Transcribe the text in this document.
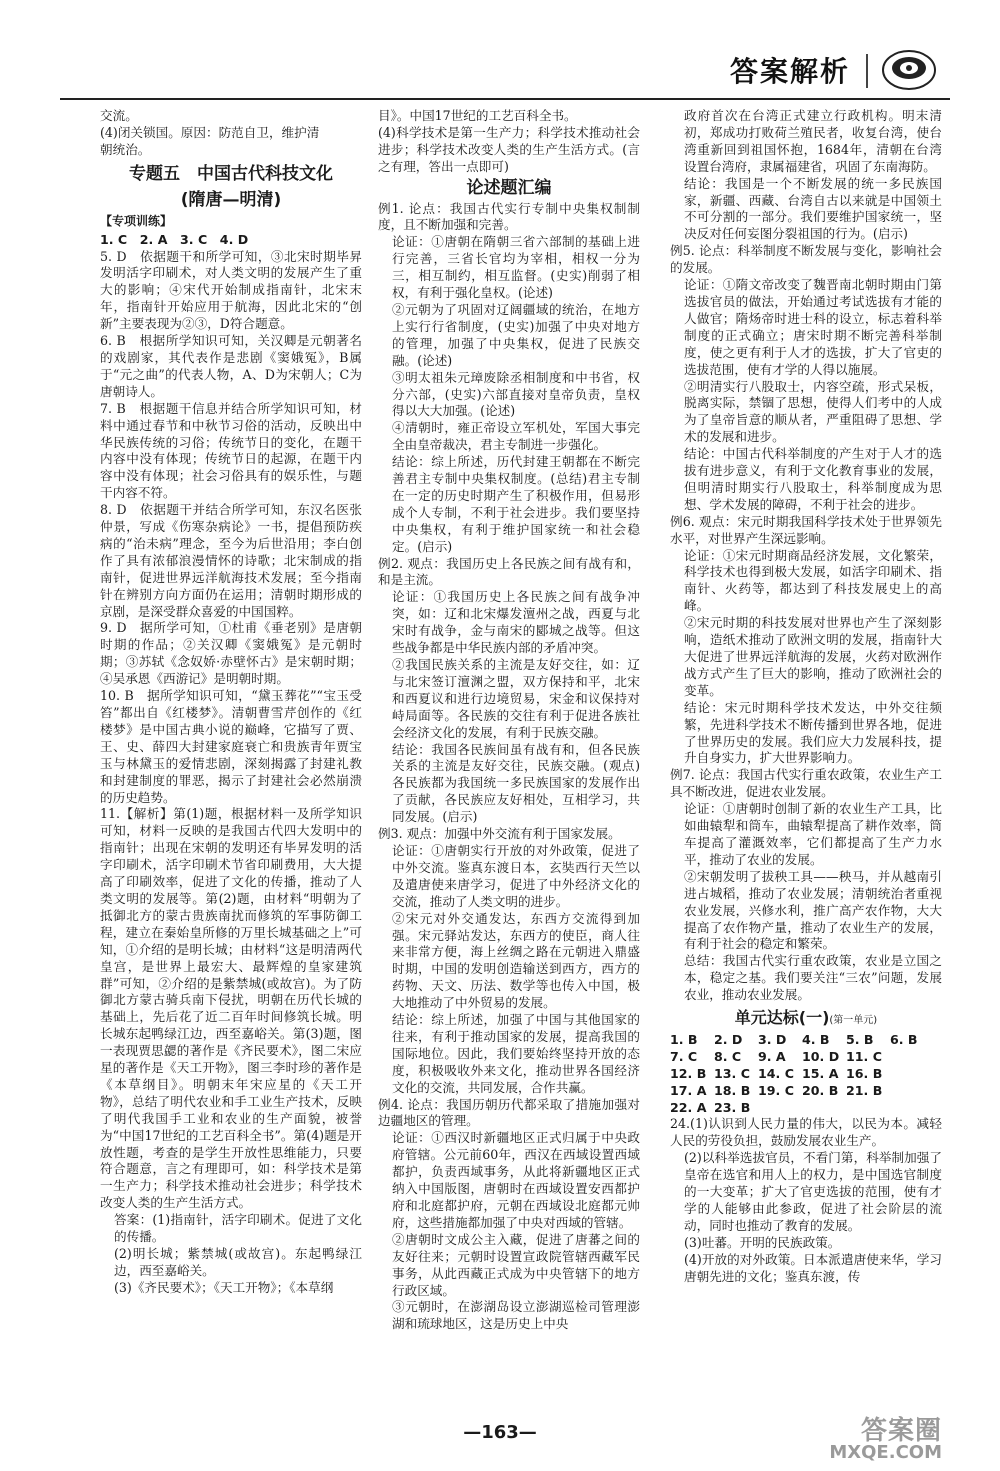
答案解析

交流。

(4)闭关锁国。原因：防范自卫，维护清

朝统治。

专题五　中国古代科技文化
(隋唐—明清)
【专项训练】
1. C　2. A　3. C　4. D

5. D　依据题干和所学可知，③北宋时期毕昇发明活字印刷术，对人类文明的发展产生了重大的影响；④宋代开始制成指南针，北宋末年，指南针开始应用于航海，因此北宋的“创新”主要表现为②③，D符合题意。

6. B　根据所学知识可知，关汉卿是元朝著名的戏剧家，其代表作是悲剧《窦娥冤》，B属于“元之曲”的代表人物，A、D为宋朝人；C为唐朝诗人。

7. B　根据题干信息并结合所学知识可知，材料中通过春节和中秋节习俗的活动，反映出中华民族传统的习俗；传统节日的变化，在题干内容中没有体现；传统节日的起源，在题干内容中没有体现；社会习俗具有的娱乐性，与题干内容不符。

8. D　依据题干并结合所学可知，东汉名医张仲景，写成《伤寒杂病论》一书，提倡预防疾病的“治未病”理念，至今为后世沿用；李白创作了具有浓郁浪漫情怀的诗歌；北宋制成的指南针，促进世界远洋航海技术发展；至今指南针在辨别方向方面仍在运用；清朝时期形成的京剧，是深受群众喜爱的中国国粹。

9. D　据所学可知，①杜甫《垂老别》是唐朝时期的作品；②关汉卿《窦娥冤》是元朝时期；③苏轼《念奴娇·赤壁怀古》是宋朝时期；④吴承恩《西游记》是明朝时期。

10. B　据所学知识可知，“黛玉葬花”“宝玉受笞”都出自《红楼梦》。清朝曹雪芹创作的《红楼梦》是中国古典小说的巅峰，它描写了贾、王、史、薛四大封建家庭衰亡和贵族青年贾宝玉与林黛玉的爱情悲剧，深刻揭露了封建礼教和封建制度的罪恶，揭示了封建社会必然崩溃的历史趋势。

11.【解析】第(1)题，根据材料一及所学知识可知，材料一反映的是我国古代四大发明中的指南针；出现在宋朝的发明还有毕昇发明的活字印刷术，活字印刷术节省印刷费用，大大提高了印刷效率，促进了文化的传播，推动了人类文明的发展等。第(2)题，由材料“明朝为了抵御北方的蒙古贵族南扰而修筑的军事防御工程，建立在秦始皇所修的万里长城基础之上”可知，①介绍的是明长城；由材料“这是明清两代皇宫，是世界上最宏大、最辉煌的皇家建筑群”可知，②介绍的是紫禁城(或故宫)。为了防御北方蒙古骑兵南下侵扰，明朝在历代长城的基础上，先后花了近二百年时间修筑长城。明长城东起鸭绿江边，西至嘉峪关。第(3)题，图一表现贾思勰的著作是《齐民要术》，图二宋应星的著作是《天工开物》，图三李时珍的著作是《本草纲目》。明朝末年宋应星的《天工开物》，总结了明代农业和手工业生产技术，反映了明代我国手工业和农业的生产面貌，被誉为“中国17世纪的工艺百科全书”。第(4)题是开放性题，考查的是学生开放性思维能力，只要符合题意，言之有理即可，如：科学技术是第一生产力；科学技术推动社会进步；科学技术改变人类的生产生活方式。

答案：(1)指南针，活字印刷术。促进了文化的传播。

(2)明长城；紫禁城(或故宫)。东起鸭绿江边，西至嘉峪关。

(3)《齐民要术》；《天工开物》；《本草纲

目》。中国17世纪的工艺百科全书。

(4)科学技术是第一生产力；科学技术推动社会进步；科学技术改变人类的生产生活方式。(言之有理，答出一点即可)

论述题汇编

例1. 论点：我国古代实行专制中央集权制制度，且不断加强和完善。

论证：①唐朝在隋朝三省六部制的基础上进行完善，三省长官均为宰相，相权一分为三，相互制约，相互监督。(史实)削弱了相权，有利于强化皇权。(论述)

②元朝为了巩固对辽阔疆域的统治，在地方上实行行省制度，(史实)加强了中央对地方的管理，加强了中央集权，促进了民族交融。(论述)

③明太祖朱元璋废除丞相制度和中书省，权分六部，(史实)六部直接对皇帝负责，皇权得以大大加强。(论述)

④清朝时，雍正帝设立军机处，军国大事完全由皇帝裁决，君主专制进一步强化。

结论：综上所述，历代封建王朝都在不断完善君主专制中央集权制度。(总结)君主专制在一定的历史时期产生了积极作用，但易形成个人专制，不利于社会进步。我们要坚持中央集权，有利于维护国家统一和社会稳定。(启示)

例2. 观点：我国历史上各民族之间有战有和，和是主流。

论证：①我国历史上各民族之间有战争冲突，如：辽和北宋爆发澶州之战，西夏与北宋时有战争，金与南宋的郾城之战等。但这些战争都是中华民族内部的矛盾冲突。

②我国民族关系的主流是友好交往，如：辽与北宋签订澶渊之盟，双方保持和平，北宋和西夏议和进行边境贸易，宋金和议保持对峙局面等。各民族的交往有利于促进各族社会经济文化的发展，有利于民族交融。

结论：我国各民族间虽有战有和，但各民族关系的主流是友好交往，民族交融。(观点)各民族都为我国统一多民族国家的发展作出了贡献，各民族应友好相处，互相学习，共同发展。(启示)

例3. 观点：加强中外交流有利于国家发展。

论证：①唐朝实行开放的对外政策，促进了中外交流。鉴真东渡日本，玄奘西行天竺以及遣唐使来唐学习，促进了中外经济文化的交流，推动了人类文明的进步。

②宋元对外交通发达，东西方交流得到加强。宋元驿站发达，东西方的使臣，商人往来非常方便，海上丝绸之路在元朝进入鼎盛时期，中国的发明创造输送到西方，西方的药物、天文、历法、数学等也传入中国，极大地推动了中外贸易的发展。

结论：综上所述，加强了中国与其他国家的往来，有利于推动国家的发展，提高我国的国际地位。因此，我们要始终坚持开放的态度，积极吸收外来文化，推动世界各国经济文化的交流，共同发展，合作共赢。

例4. 论点：我国历朝历代都采取了措施加强对边疆地区的管理。

论证：①西汉时新疆地区正式归属于中央政府管辖。公元前60年，西汉在西域设置西域都护，负责西域事务，从此将新疆地区正式纳入中国版图，唐朝时在西域设置安西都护府和北庭都护府，元朝在西域设北庭都元帅府，这些措施都加强了中央对西域的管辖。

②唐朝时文成公主入藏，促进了唐蕃之间的友好往来；元朝时设置宣政院管辖西藏军民事务，从此西藏正式成为中央管辖下的地方行政区域。

③元朝时，在澎湖岛设立澎湖巡检司管理澎湖和琉球地区，这是历史上中央

政府首次在台湾正式建立行政机构。明末清初，郑成功打败荷兰殖民者，收复台湾，使台湾重新回到祖国怀抱，1684年，清朝在台湾设置台湾府，隶属福建省，巩固了东南海防。

结论：我国是一个不断发展的统一多民族国家，新疆、西藏、台湾自古以来就是中国领土不可分割的一部分。我们要维护国家统一，坚决反对任何妄图分裂祖国的行为。(启示)

例5. 论点：科举制度不断发展与变化，影响社会的发展。

论证：①隋文帝改变了魏晋南北朝时期由门第选拔官员的做法，开始通过考试选拔有才能的人做官；隋炀帝时进士科的设立，标志着科举制度的正式确立；唐宋时期不断完善科举制度，使之更有利于人才的选拔，扩大了官吏的选拔范围，使有才学的人得以施展。

②明清实行八股取士，内容空疏，形式呆板，脱离实际，禁锢了思想，使得人们考中的人成为了皇帝旨意的顺从者，严重阻碍了思想、学术的发展和进步。

结论：中国古代科举制度的产生对于人才的选拔有进步意义，有利于文化教育事业的发展，但明清时期实行八股取士，科举制度成为思想、学术发展的障碍，不利于社会的进步。

例6. 观点：宋元时期我国科学技术处于世界领先水平，对世界产生深远影响。

论证：①宋元时期商品经济发展，文化繁荣，科学技术也得到极大发展，如活字印刷术、指南针、火药等，都达到了科技发展史上的高峰。

②宋元时期的科技发展对世界也产生了深刻影响，造纸术推动了欧洲文明的发展，指南针大大促进了世界远洋航海的发展，火药对欧洲作战方式产生了巨大的影响，推动了欧洲社会的变革。

结论：宋元时期科学技术发达，中外交往频繁，先进科学技术不断传播到世界各地，促进了世界历史的发展。我们应大力发展科技，提升自身实力，扩大世界影响力。

例7. 论点：我国古代实行重农政策，农业生产工具不断改进，促进农业发展。

论证：①唐朝时创制了新的农业生产工具，比如曲辕犁和筒车，曲辕犁提高了耕作效率，筒车提高了灌溉效率，它们都提高了生产力水平，推动了农业的发展。

②宋朝发明了拔秧工具——秧马，并从越南引进占城稻，推动了农业发展；清朝统治者重视农业发展，兴修水利，推广高产农作物，大大提高了农作物产量，推动了农业生产的发展，有利于社会的稳定和繁荣。

总结：我国古代实行重农政策，农业是立国之本，稳定之基。我们要关注“三农”问题，发展农业，推动农业发展。

单元达标(一)(第一单元)
1. B 2. D 3. D 4. B 5. B 6. B
7. C 8. C 9. A 10. D 11. C
12. B 13. C 14. C 15. A 16. B
17. A 18. B 19. C 20. B 21. B
22. A 23. B

24.(1)认识到人民力量的伟大，以民为本。减轻人民的劳役负担，鼓励发展农业生产。

(2)以科举选拔官员，不看门第，科举制加强了皇帝在选官和用人上的权力，是中国选官制度的一大变革；扩大了官吏选拔的范围，使有才学的人能够由此参政，促进了社会阶层的流动，同时也推动了教育的发展。

(3)吐蕃。开明的民族政策。

(4)开放的对外政策。日本派遣唐使来华，学习唐朝先进的文化；鉴真东渡，传

—163—	答案圈
MXQE.COM
